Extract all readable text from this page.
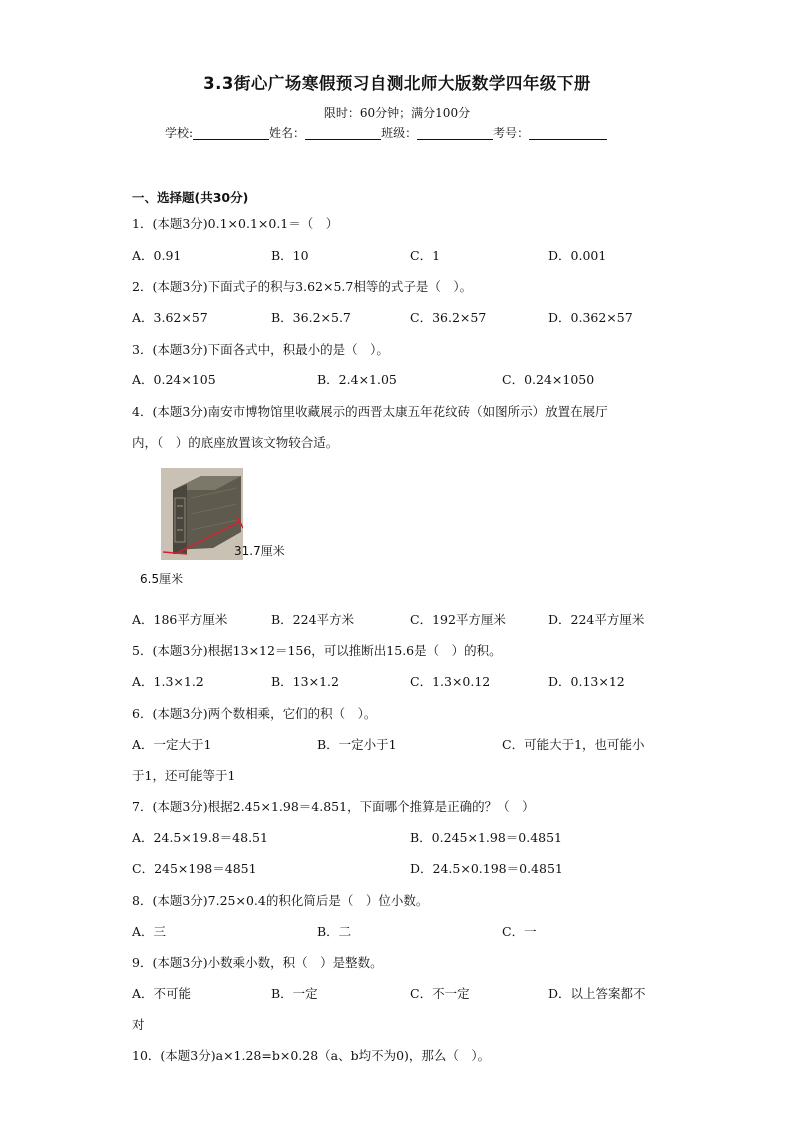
3.3街心广场寒假预习自测北师大版数学四年级下册
限时：60分钟；满分100分
学校:	姓名：	班级：	考号：
一、选择题(共30分)
1．(本题3分)0.1×0.1×0.1＝（　）
A．0.91	B．10	C．1	D．0.001
2．(本题3分)下面式子的积与3.62×5.7相等的式子是（　）。
A．3.62×57	B．36.2×5.7	C．36.2×57	D．0.362×57
3．(本题3分)下面各式中，积最小的是（　）。
A．0.24×105	B．2.4×1.05	C．0.24×1050
4．(本题3分)南安市博物馆里收藏展示的西晋太康五年花纹砖（如图所示）放置在展厅
内，（　）的底座放置该文物较合适。
31.7厘米
6.5厘米
A．186平方厘米	B．224平方米	C．192平方厘米	D．224平方厘米
5．(本题3分)根据13×12＝156，可以推断出15.6是（　）的积。
A．1.3×1.2	B．13×1.2	C．1.3×0.12	D．0.13×12
6．(本题3分)两个数相乘，它们的积（　）。
A．一定大于1	B．一定小于1	C．可能大于1，也可能小
于1，还可能等于1
7．(本题3分)根据2.45×1.98＝4.851，下面哪个推算是正确的？（　）
A．24.5×19.8＝48.51	B．0.245×1.98＝0.4851
C．245×198＝4851	D．24.5×0.198＝0.4851
8．(本题3分)7.25×0.4的积化简后是（　）位小数。
A．三	B．二	C．一
9．(本题3分)小数乘小数，积（　）是整数。
A．不可能	B．一定	C．不一定	D．以上答案都不
对
10．(本题3分)a×1.28=b×0.28（a、b均不为0)，那么（　）。
